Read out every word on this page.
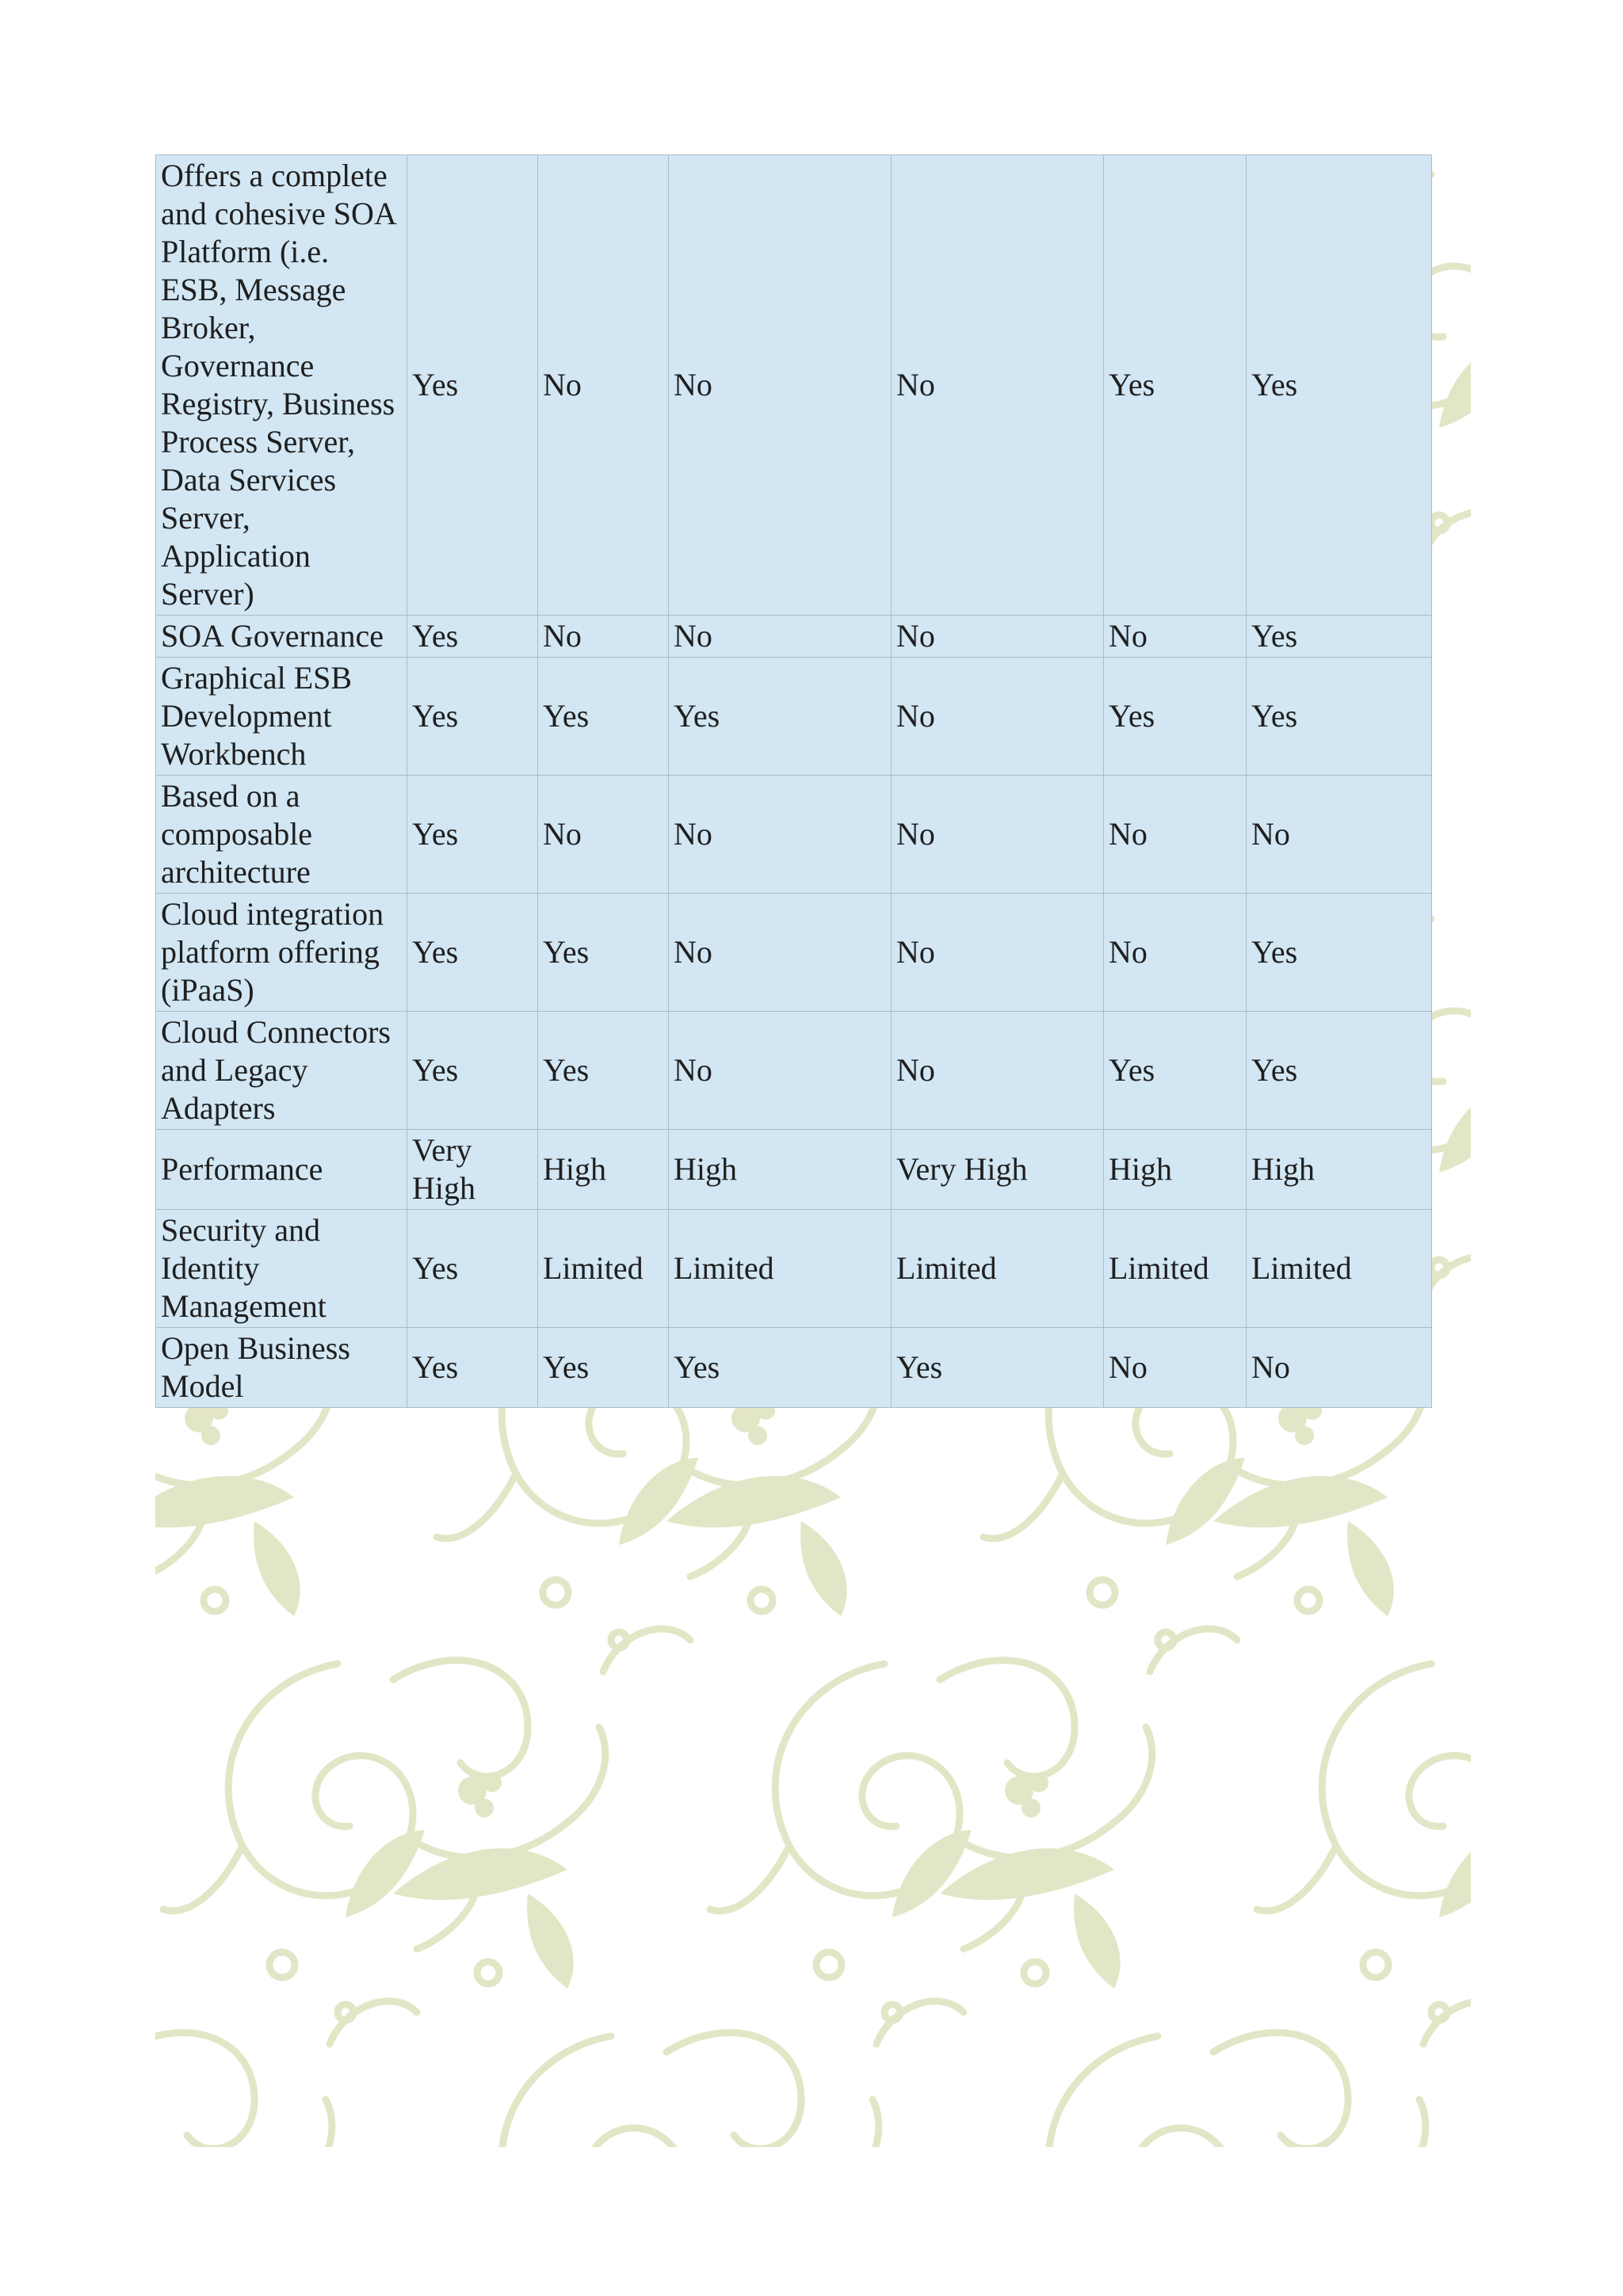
Offers a complete and cohesive SOA Platform (i.e. ESB, Message Broker, Governance Registry, Business Process Server, Data Services Server, Application Server)	Yes	No	No	No	Yes	Yes
SOA Governance	Yes	No	No	No	No	Yes
Graphical ESB Development Workbench	Yes	Yes	Yes	No	Yes	Yes
Based on a composable architecture	Yes	No	No	No	No	No
Cloud integration platform offering (iPaaS)	Yes	Yes	No	No	No	Yes
Cloud Connectors and Legacy Adapters	Yes	Yes	No	No	Yes	Yes
Performance	Very High	High	High	Very High	High	High
Security and Identity Management	Yes	Limited	Limited	Limited	Limited	Limited
Open Business Model	Yes	Yes	Yes	Yes	No	No
